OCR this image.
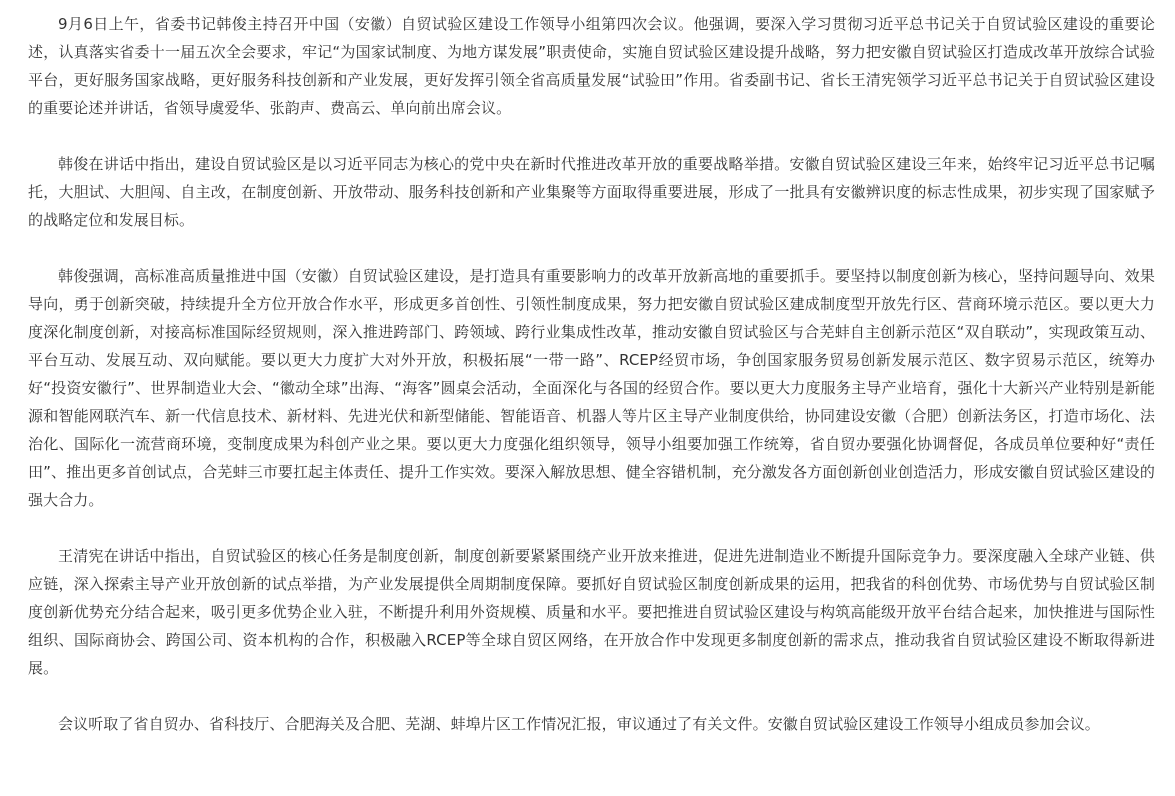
9月6日上午，省委书记韩俊主持召开中国（安徽）自贸试验区建设工作领导小组第四次会议。他强调，要深入学习贯彻习近平总书记关于自贸试验区建设的重要论述，认真落实省委十一届五次全会要求，牢记“为国家试制度、为地方谋发展”职责使命，实施自贸试验区建设提升战略，努力把安徽自贸试验区打造成改革开放综合试验平台，更好服务国家战略，更好服务科技创新和产业发展，更好发挥引领全省高质量发展“试验田”作用。省委副书记、省长王清宪领学习近平总书记关于自贸试验区建设的重要论述并讲话，省领导虞爱华、张韵声、费高云、单向前出席会议。

韩俊在讲话中指出，建设自贸试验区是以习近平同志为核心的党中央在新时代推进改革开放的重要战略举措。安徽自贸试验区建设三年来，始终牢记习近平总书记嘱托，大胆试、大胆闯、自主改，在制度创新、开放带动、服务科技创新和产业集聚等方面取得重要进展，形成了一批具有安徽辨识度的标志性成果，初步实现了国家赋予的战略定位和发展目标。

韩俊强调，高标准高质量推进中国（安徽）自贸试验区建设，是打造具有重要影响力的改革开放新高地的重要抓手。要坚持以制度创新为核心，坚持问题导向、效果导向，勇于创新突破，持续提升全方位开放合作水平，形成更多首创性、引领性制度成果，努力把安徽自贸试验区建成制度型开放先行区、营商环境示范区。要以更大力度深化制度创新，对接高标准国际经贸规则，深入推进跨部门、跨领域、跨行业集成性改革，推动安徽自贸试验区与合芜蚌自主创新示范区“双自联动”，实现政策互动、平台互动、发展互动、双向赋能。要以更大力度扩大对外开放，积极拓展“一带一路”、RCEP经贸市场，争创国家服务贸易创新发展示范区、数字贸易示范区，统筹办好“投资安徽行”、世界制造业大会、“徽动全球”出海、“海客”圆桌会活动，全面深化与各国的经贸合作。要以更大力度服务主导产业培育，强化十大新兴产业特别是新能源和智能网联汽车、新一代信息技术、新材料、先进光伏和新型储能、智能语音、机器人等片区主导产业制度供给，协同建设安徽（合肥）创新法务区，打造市场化、法治化、国际化一流营商环境，变制度成果为科创产业之果。要以更大力度强化组织领导，领导小组要加强工作统筹，省自贸办要强化协调督促，各成员单位要种好“责任田”、推出更多首创试点，合芜蚌三市要扛起主体责任、提升工作实效。要深入解放思想、健全容错机制，充分激发各方面创新创业创造活力，形成安徽自贸试验区建设的强大合力。

王清宪在讲话中指出，自贸试验区的核心任务是制度创新，制度创新要紧紧围绕产业开放来推进，促进先进制造业不断提升国际竞争力。要深度融入全球产业链、供应链，深入探索主导产业开放创新的试点举措，为产业发展提供全周期制度保障。要抓好自贸试验区制度创新成果的运用，把我省的科创优势、市场优势与自贸试验区制度创新优势充分结合起来，吸引更多优势企业入驻，不断提升利用外资规模、质量和水平。要把推进自贸试验区建设与构筑高能级开放平台结合起来，加快推进与国际性组织、国际商协会、跨国公司、资本机构的合作，积极融入RCEP等全球自贸区网络，在开放合作中发现更多制度创新的需求点，推动我省自贸试验区建设不断取得新进展。

会议听取了省自贸办、省科技厅、合肥海关及合肥、芜湖、蚌埠片区工作情况汇报，审议通过了有关文件。安徽自贸试验区建设工作领导小组成员参加会议。
